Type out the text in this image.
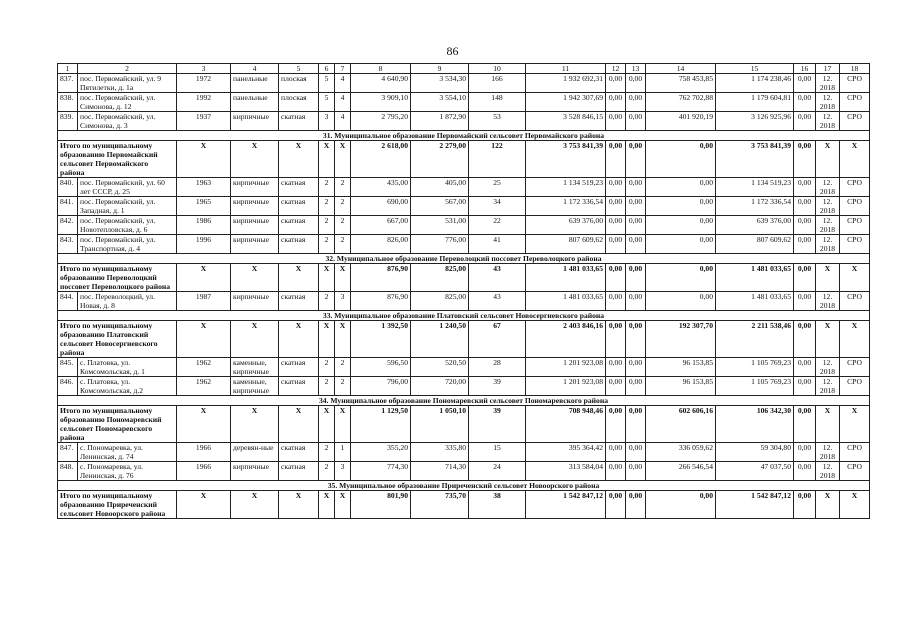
86
1	2	3	4	5	6	7	8	9	10	11	12	13	14	15	16	17	18
837.	пос. Первомайский, ул. 9 Пятилетки, д. 1а	1972	панельные	плоская	5	4	4 640,90	3 534,30	166	1 932 692,31	0,00	0,00	758 453,85	1 174 238,46	0,00	12. 2018	СРО
838.	пос. Первомайский, ул. Симонова, д. 12	1992	панельные	плоская	5	4	3 909,10	3 554,10	148	1 942 307,69	0,00	0,00	762 702,88	1 179 604,81	0,00	12. 2018	СРО
839.	пос. Первомайский, ул. Симонова, д. 3	1937	кирпичные	скатная	3	4	2 795,20	1 872,90	53	3 528 846,15	0,00	0,00	401 920,19	3 126 925,96	0,00	12. 2018	СРО
31. Муниципальное образование Первомайский сельсовет Первомайского района																	
Итого по муниципальному образованию Первомайский сельсовет Первомайского района		X	X	X	X	X	2 618,00	2 279,00	122	3 753 841,39	0,00	0,00	0,00	3 753 841,39	0,00	X	X
840.	пос. Первомайский, ул. 60 лет СССР, д. 25	1963	кирпичные	скатная	2	2	435,00	405,00	25	1 134 519,23	0,00	0,00	0,00	1 134 519,23	0,00	12. 2018	СРО
841.	пос. Первомайский, ул. Западная, д. 1	1965	кирпичные	скатная	2	2	690,00	567,00	34	1 172 336,54	0,00	0,00	0,00	1 172 336,54	0,00	12. 2018	СРО
842.	пос. Первомайский, ул. Новотепловская, д. 6	1986	кирпичные	скатная	2	2	667,00	531,00	22	639 376,00	0,00	0,00	0,00	639 376,00	0,00	12. 2018	СРО
843.	пос. Первомайский, ул. Транспортная, д. 4	1996	кирпичные	скатная	2	2	826,00	776,00	41	807 609,62	0,00	0,00	0,00	807 609,62	0,00	12. 2018	СРО
32. Муниципальное образование Переволоцкий поссовет Переволоцкого района																	
Итого по муниципальному образованию Переволоцкий поссовет Переволоцкого района		X	X	X	X	X	876,90	825,00	43	1 481 033,65	0,00	0,00	0,00	1 481 033,65	0,00	X	X
844.	пос. Переволоцкий, ул. Новая, д. 8	1987	кирпичные	скатная	2	3	876,90	825,00	43	1 481 033,65	0,00	0,00	0,00	1 481 033,65	0,00	12. 2018	СРО
33. Муниципальное образование Платовский сельсовет Новосергиевского района																	
Итого по муниципальному образованию Платовский сельсовет Новосергиевского района		X	X	X	X	X	1 392,50	1 240,50	67	2 403 846,16	0,00	0,00	192 307,70	2 211 538,46	0,00	X	X
845.	с. Платовка, ул. Комсомольская, д. 1	1962	каменные, кирпичные	скатная	2	2	596,50	520,50	28	1 201 923,08	0,00	0,00	96 153,85	1 105 769,23	0,00	12. 2018	СРО
846.	с. Платовка, ул. Комсомольская, д.2	1962	каменные, кирпичные	скатная	2	2	796,00	720,00	39	1 201 923,08	0,00	0,00	96 153,85	1 105 769,23	0,00	12. 2018	СРО
34. Муниципальное образование Пономаревский сельсовет Пономаревского района																	
Итого по муниципальному образованию Пономаревский сельсовет Пономаревского района		X	X	X	X	X	1 129,50	1 050,10	39	708 948,46	0,00	0,00	602 606,16	106 342,30	0,00	X	X
847.	с. Пономаревка, ул. Ленинская, д. 74	1966	деревян-ные	скатная	2	1	355,20	335,80	15	395 364,42	0,00	0,00	336 059,62	59 304,80	0,00	12. 2018	СРО
848.	с. Пономаревка, ул. Ленинская, д. 76	1966	кирпичные	скатная	2	3	774,30	714,30	24	313 584,04	0,00	0,00	266 546,54	47 037,50	0,00	12. 2018	СРО
35. Муниципальное образование Приреченский сельсовет Новоорского района																	
Итого по муниципальному образованию Приреченский сельсовет Новоорского района		X	X	X	X	X	801,90	735,70	38	1 542 847,12	0,00	0,00	0,00	1 542 847,12	0,00	X	X
